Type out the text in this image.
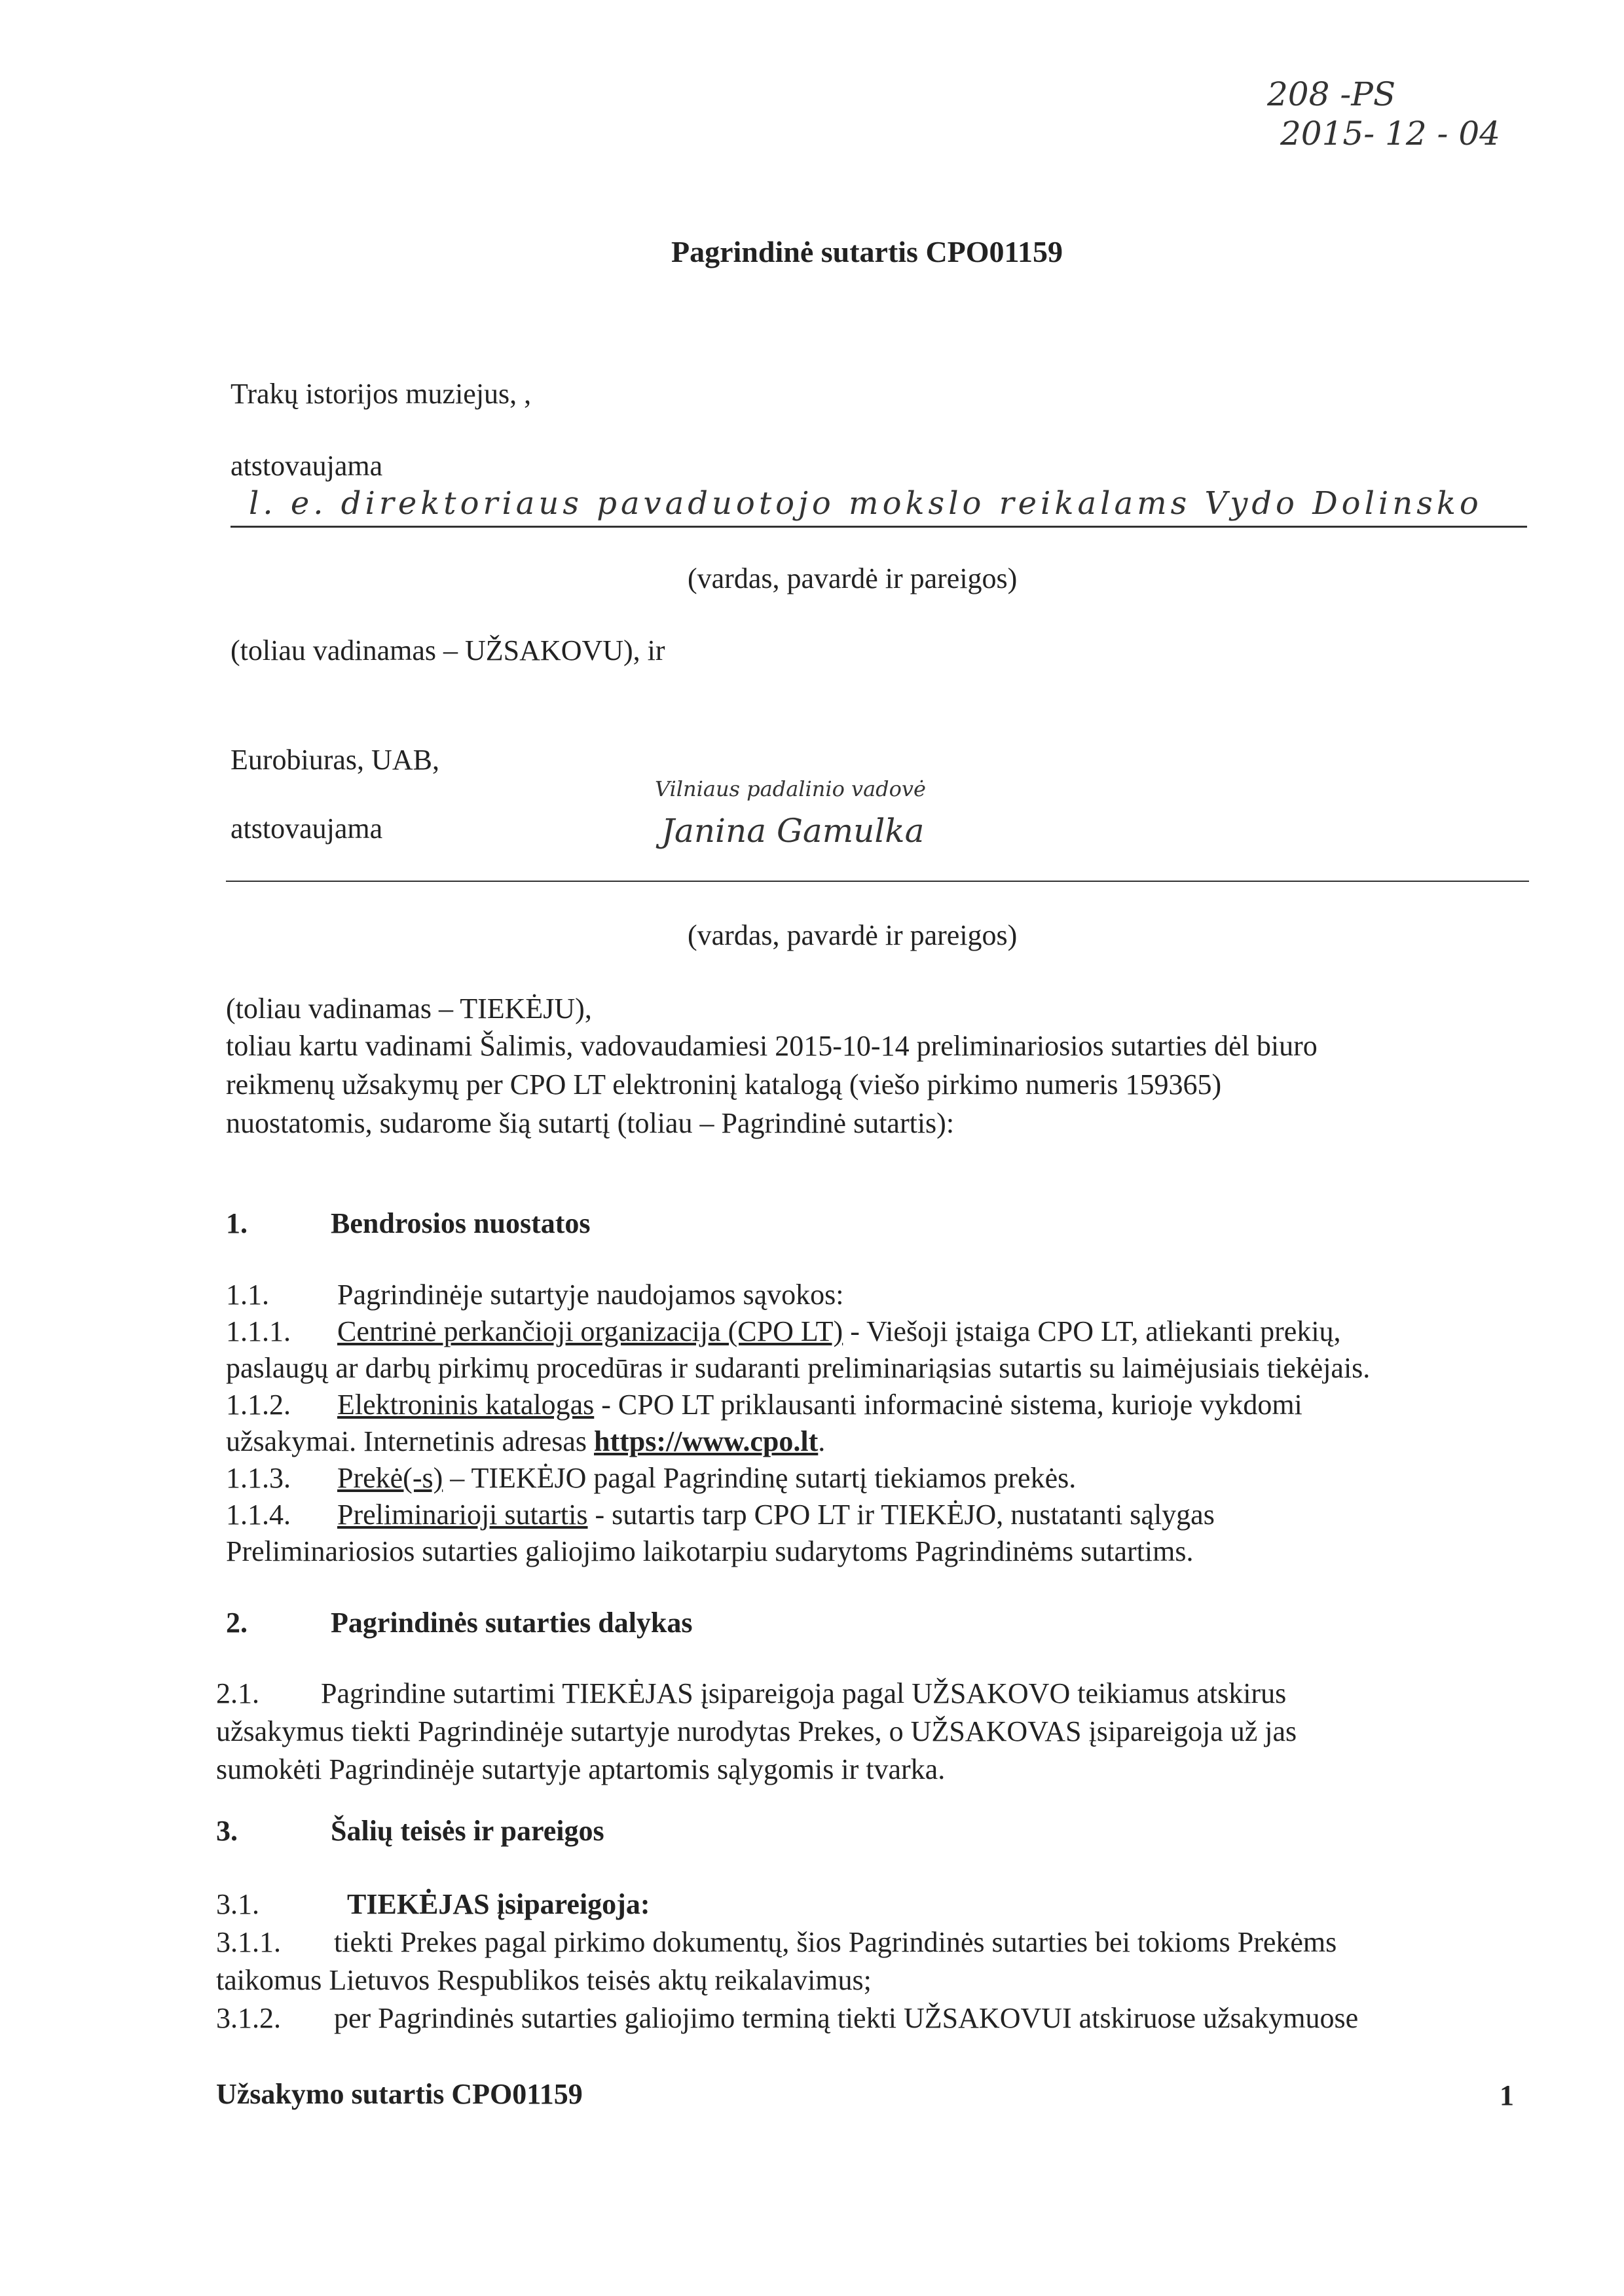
208 -PS
2015- 12 - 04
Pagrindinė sutartis CPO01159
Trakų istorijos muziejus, ,
atstovaujama
l. e. direktoriaus pavaduotojo mokslo reikalams Vydo Dolinsko
(vardas, pavardė ir pareigos)
(toliau vadinamas – UŽSAKOVU), ir
Eurobiuras, UAB,
Vilniaus padalinio vadovė
atstovaujama	Janina Gamulka
(vardas, pavardė ir pareigos)
(toliau vadinamas – TIEKĖJU),
toliau kartu vadinami Šalimis, vadovaudamiesi 2015-10-14 preliminariosios sutarties dėl biuro
reikmenų užsakymų per CPO LT elektroninį katalogą (viešo pirkimo numeris 159365)
nuostatomis, sudarome šią sutartį (toliau – Pagrindinė sutartis):
1.	Bendrosios nuostatos
1.1. Pagrindinėje sutartyje naudojamos sąvokos:
1.1.1. Centrinė perkančioji organizacija (CPO LT) - Viešoji įstaiga CPO LT, atliekanti prekių,
paslaugų ar darbų pirkimų procedūras ir sudaranti preliminariąsias sutartis su laimėjusiais tiekėjais.
1.1.2. Elektroninis katalogas - CPO LT priklausanti informacinė sistema, kurioje vykdomi
užsakymai. Internetinis adresas https://www.cpo.lt.
1.1.3. Prekė(-s) – TIEKĖJO pagal Pagrindinę sutartį tiekiamos prekės.
1.1.4. Preliminarioji sutartis - sutartis tarp CPO LT ir TIEKĖJO, nustatanti sąlygas
Preliminariosios sutarties galiojimo laikotarpiu sudarytoms Pagrindinėms sutartims.
2.	Pagrindinės sutarties dalykas
2.1. Pagrindine sutartimi TIEKĖJAS įsipareigoja pagal UŽSAKOVO teikiamus atskirus
užsakymus tiekti Pagrindinėje sutartyje nurodytas Prekes, o UŽSAKOVAS įsipareigoja už jas
sumokėti Pagrindinėje sutartyje aptartomis sąlygomis ir tvarka.
3.	Šalių teisės ir pareigos
3.1.	TIEKĖJAS įsipareigoja:
3.1.1. tiekti Prekes pagal pirkimo dokumentų, šios Pagrindinės sutarties bei tokioms Prekėms
taikomus Lietuvos Respublikos teisės aktų reikalavimus;
3.1.2. per Pagrindinės sutarties galiojimo terminą tiekti UŽSAKOVUI atskiruose užsakymuose
Užsakymo sutartis CPO01159	1
